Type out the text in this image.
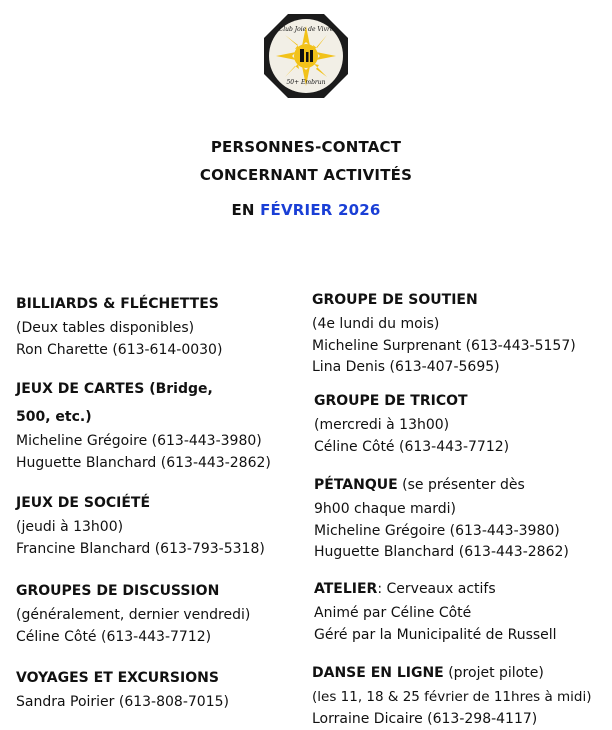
Club Joie de Vivre
50+ Embrun
PERSONNES-CONTACT
CONCERNANT ACTIVITÉS
EN FÉVRIER 2026
BILLIARDS & FLÉCHETTES
(Deux tables disponibles)
Ron Charette (613-614-0030)
JEUX DE CARTES (Bridge,
500, etc.)
Micheline Grégoire (613-443-3980)
Huguette Blanchard (613-443-2862)
JEUX DE SOCIÉTÉ
(jeudi à 13h00)
Francine Blanchard (613-793-5318)
GROUPES DE DISCUSSION
(généralement, dernier vendredi)
Céline Côté (613-443-7712)
VOYAGES ET EXCURSIONS
Sandra Poirier (613-808-7015)
GROUPE DE SOUTIEN
(4e lundi du mois)
Micheline Surprenant (613-443-5157)
Lina Denis (613-407-5695)
GROUPE DE TRICOT
(mercredi à 13h00)
Céline Côté (613-443-7712)
PÉTANQUE (se présenter dès
9h00 chaque mardi)
Micheline Grégoire (613-443-3980)
Huguette Blanchard (613-443-2862)
ATELIER: Cerveaux actifs
Animé par Céline Côté
Géré par la Municipalité de Russell
DANSE EN LIGNE (projet pilote)
(les 11, 18 & 25 février de 11hres à midi)
Lorraine Dicaire (613-298-4117)
